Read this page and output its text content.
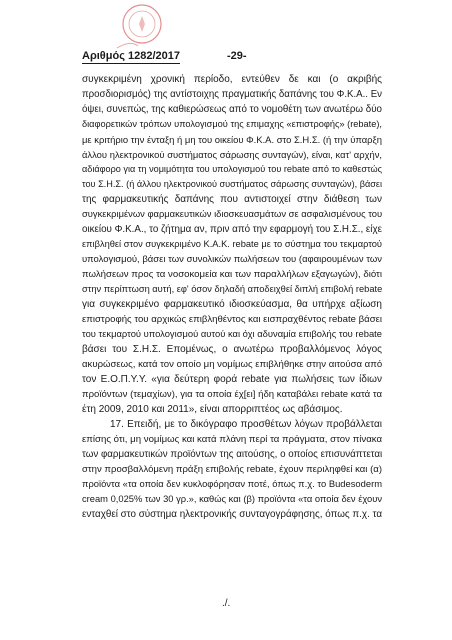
Αριθμός 1282/2017	-29-
συγκεκριμένη χρονική περίοδο, εντεύθεν δε και (ο ακριβής
προσδιορισμός) της αντίστοιχης πραγματικής δαπάνης του Φ.Κ.Α.. Εν
όψει, συνεπώς, της καθιερώσεως από το νομοθέτη των ανωτέρω δύο
διαφορετικών τρόπων υπολογισμού της επιμαχης «επιστροφής» (rebate),
με κριτήριο την ένταξη ή μη του οικείου Φ.Κ.Α. στο Σ.Η.Σ. (ή την ύπαρξη
άλλου ηλεκτρονικού συστήματος σάρωσης συνταγών), είναι, κατ' αρχήν,
αδιάφορο για τη νομιμότητα του υπολογισμού του rebate από το καθεστώς
του Σ.Η.Σ. (ή άλλου ηλεκτρονικού συστήματος σάρωσης συνταγών), βάσει
της φαρμακευτικής δαπάνης που αντιστοιχεί στην διάθεση των
συγκεκριμένων φαρμακευτικών ιδιοσκευασμάτων σε ασφαλισμένους του
οικείου Φ.Κ.Α., το ζήτημα αν, πριν από την εφαρμογή του Σ.Η.Σ., είχε
επιβληθεί στον συγκεκριμένο Κ.Α.Κ. rebate με το σύστημα του τεκμαρτού
υπολογισμού, βάσει των συνολικών πωλήσεων του (αφαιρουμένων των
πωλήσεων προς τα νοσοκομεία και των παραλλήλων εξαγωγών), διότι
στην περίπτωση αυτή, εφ' όσον δηλαδή αποδειχθεί διπλή επιβολή rebate
για συγκεκριμένο φαρμακευτικό ιδιοσκεύασμα, θα υπήρχε αξίωση
επιστροφής του αρχικώς επιβληθέντος και εισπραχθέντος rebate βάσει
του τεκμαρτού υπολογισμού αυτού και όχι αδυναμία επιβολής του rebate
βάσει του Σ.Η.Σ. Επομένως, ο ανωτέρω προβαλλόμενος λόγος
ακυρώσεως, κατά τον οποίο μη νομίμως επιβλήθηκε στην αιτούσα από
τον Ε.Ο.Π.Υ.Υ. «για δεύτερη φορά rebate για πωλήσεις των ίδιων
προϊόντων (τεμαχίων), για τα οποία έχ[ει] ήδη καταβάλει rebate κατά τα
έτη 2009, 2010 και 2011», είναι απορριπτέος ως αβάσιμος.
17. Επειδή, με το δικόγραφο προσθέτων λόγων προβάλλεται
επίσης ότι, μη νομίμως και κατά πλάνη περί τα πράγματα, στον πίνακα
των φαρμακευτικών προϊόντων της αιτούσης, ο οποίος επισυνάπτεται
στην προσβαλλόμενη πράξη επιβολής rebate, έχουν περιληφθεί και (α)
προϊόντα «τα οποία δεν κυκλοφόρησαν ποτέ, όπως π.χ. το Budesoderm
cream 0,025% των 30 γρ.», καθώς και (β) προϊόντα «τα οποία δεν έχουν
ενταχθεί στο σύστημα ηλεκτρονικής συνταγογράφησης, όπως π.χ. τα
./.
